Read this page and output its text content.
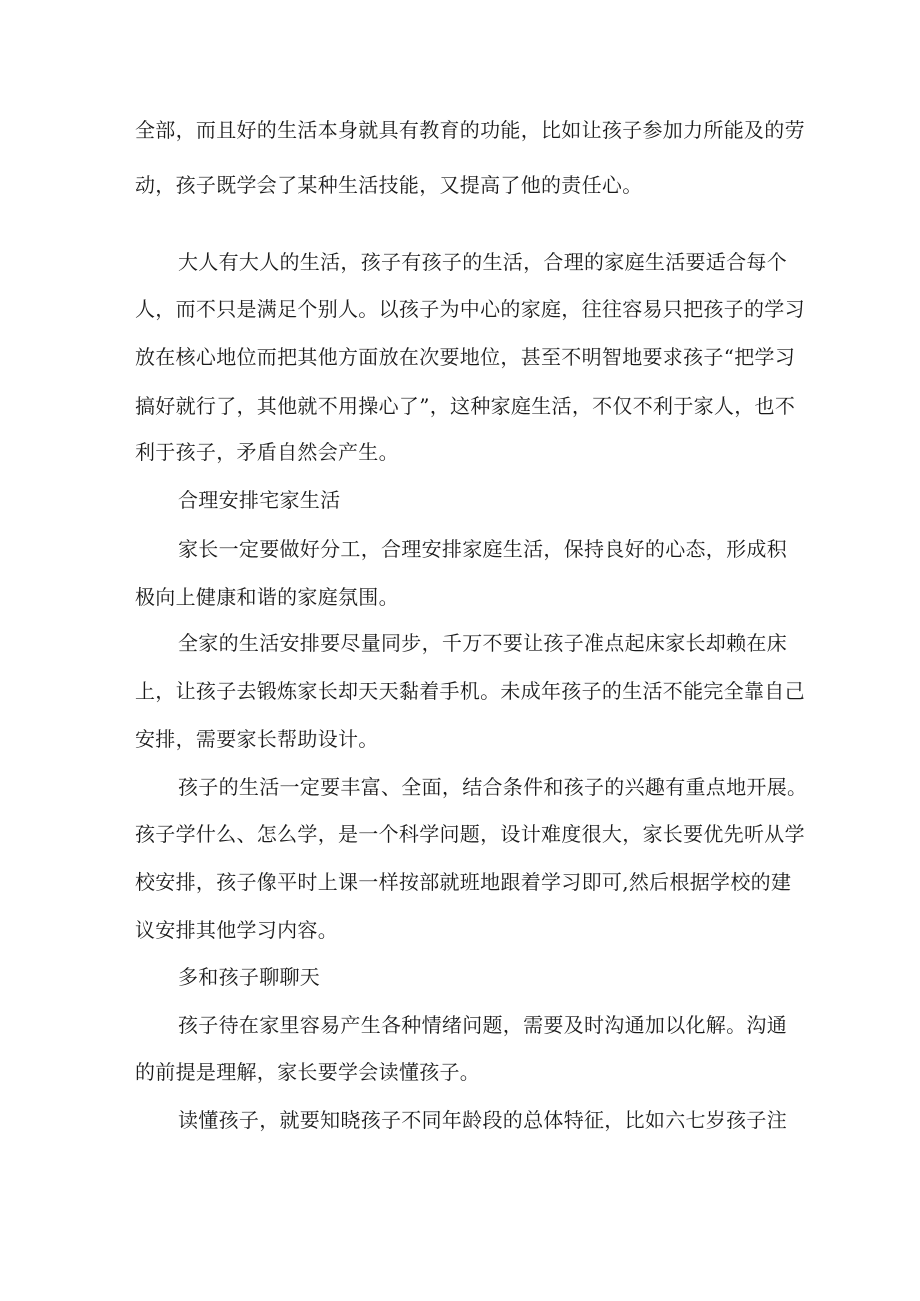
全部，而且好的生活本身就具有教育的功能，比如让孩子参加力所能及的劳
动，孩子既学会了某种生活技能，又提高了他的责任心。
大人有大人的生活，孩子有孩子的生活，合理的家庭生活要适合每个
人，而不只是满足个别人。以孩子为中心的家庭，往往容易只把孩子的学习
放在核心地位而把其他方面放在次要地位，甚至不明智地要求孩子“把学习
搞好就行了，其他就不用操心了”，这种家庭生活，不仅不利于家人，也不
利于孩子，矛盾自然会产生。
合理安排宅家生活
家长一定要做好分工，合理安排家庭生活，保持良好的心态，形成积
极向上健康和谐的家庭氛围。
全家的生活安排要尽量同步，千万不要让孩子准点起床家长却赖在床
上，让孩子去锻炼家长却天天黏着手机。未成年孩子的生活不能完全靠自己
安排，需要家长帮助设计。
孩子的生活一定要丰富、全面，结合条件和孩子的兴趣有重点地开展。
孩子学什么、怎么学，是一个科学问题，设计难度很大，家长要优先听从学
校安排，孩子像平时上课一样按部就班地跟着学习即可,然后根据学校的建
议安排其他学习内容。
多和孩子聊聊天
孩子待在家里容易产生各种情绪问题，需要及时沟通加以化解。沟通
的前提是理解，家长要学会读懂孩子。
读懂孩子，就要知晓孩子不同年龄段的总体特征，比如六七岁孩子注
